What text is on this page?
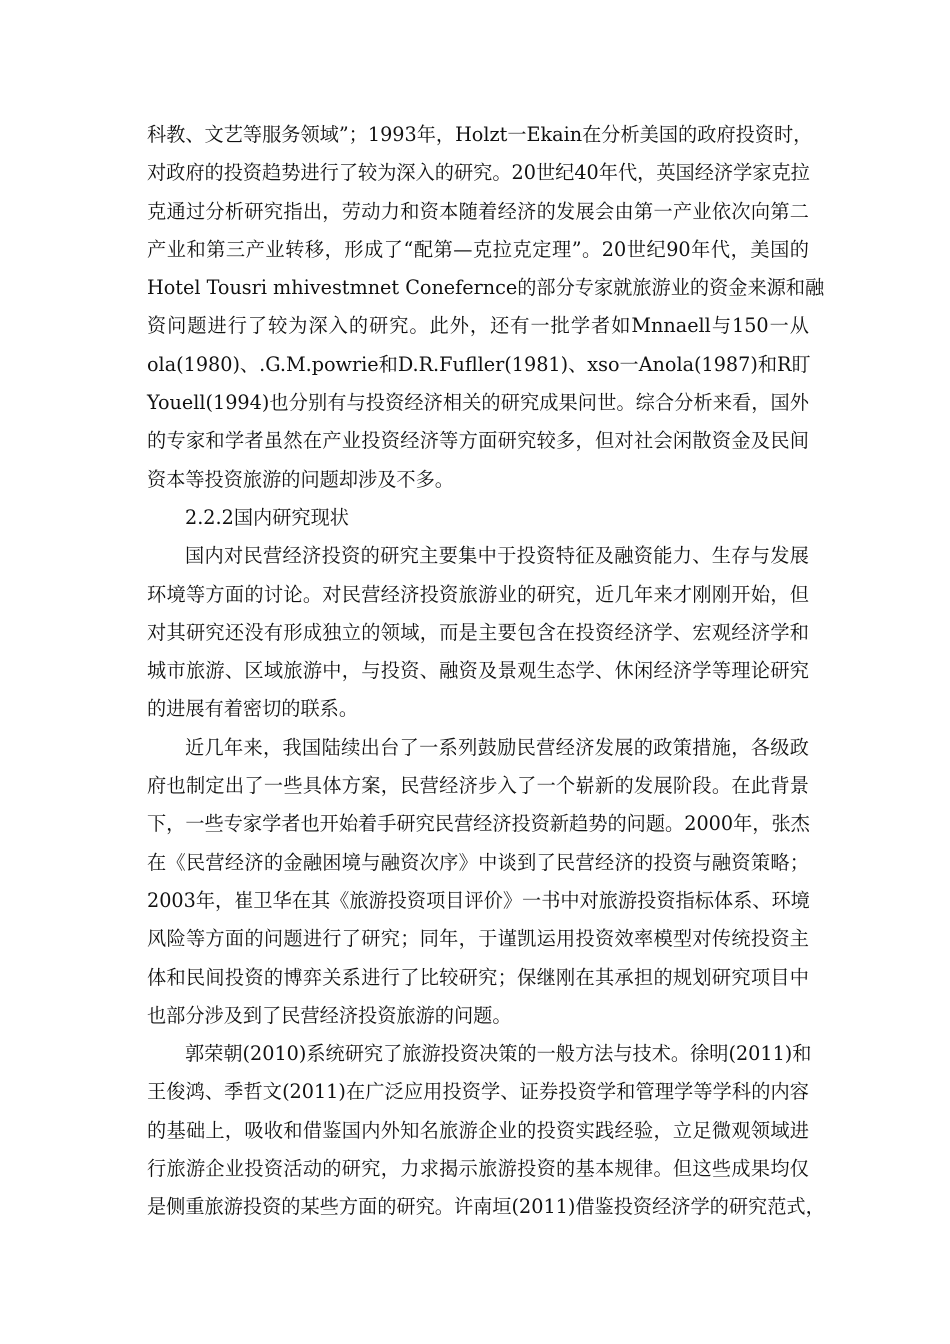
科教、文艺等服务领域”；1993年，Holzt一Ekain在分析美国的政府投资时，
对政府的投资趋势进行了较为深入的研究。20世纪40年代，英国经济学家克拉
克通过分析研究指出，劳动力和资本随着经济的发展会由第一产业依次向第二
产业和第三产业转移，形成了“配第—克拉克定理”。20世纪90年代，美国的
Hotel Tousri mhivestmnet Conefernce的部分专家就旅游业的资金来源和融
资问题进行了较为深入的研究。此外，还有一批学者如Mnnaell与150一从
ola(1980)、.G.M.powrie和D.R.Fufller(1981)、xso一Anola(1987)和R盯
Youell(1994)也分别有与投资经济相关的研究成果问世。综合分析来看，国外
的专家和学者虽然在产业投资经济等方面研究较多，但对社会闲散资金及民间
资本等投资旅游的问题却涉及不多。
2.2.2国内研究现状
国内对民营经济投资的研究主要集中于投资特征及融资能力、生存与发展
环境等方面的讨论。对民营经济投资旅游业的研究，近几年来才刚刚开始，但
对其研究还没有形成独立的领域，而是主要包含在投资经济学、宏观经济学和
城市旅游、区域旅游中，与投资、融资及景观生态学、休闲经济学等理论研究
的进展有着密切的联系。
近几年来，我国陆续出台了一系列鼓励民营经济发展的政策措施，各级政
府也制定出了一些具体方案，民营经济步入了一个崭新的发展阶段。在此背景
下，一些专家学者也开始着手研究民营经济投资新趋势的问题。2000年，张杰
在《民营经济的金融困境与融资次序》中谈到了民营经济的投资与融资策略；
2003年，崔卫华在其《旅游投资项目评价》一书中对旅游投资指标体系、环境
风险等方面的问题进行了研究；同年，于谨凯运用投资效率模型对传统投资主
体和民间投资的博弈关系进行了比较研究；保继刚在其承担的规划研究项目中
也部分涉及到了民营经济投资旅游的问题。
郭荣朝(2010)系统研究了旅游投资决策的一般方法与技术。徐明(2011)和
王俊鸿、季哲文(2011)在广泛应用投资学、证券投资学和管理学等学科的内容
的基础上，吸收和借鉴国内外知名旅游企业的投资实践经验，立足微观领域进
行旅游企业投资活动的研究，力求揭示旅游投资的基本规律。但这些成果均仅
是侧重旅游投资的某些方面的研究。许南垣(2011)借鉴投资经济学的研究范式，
